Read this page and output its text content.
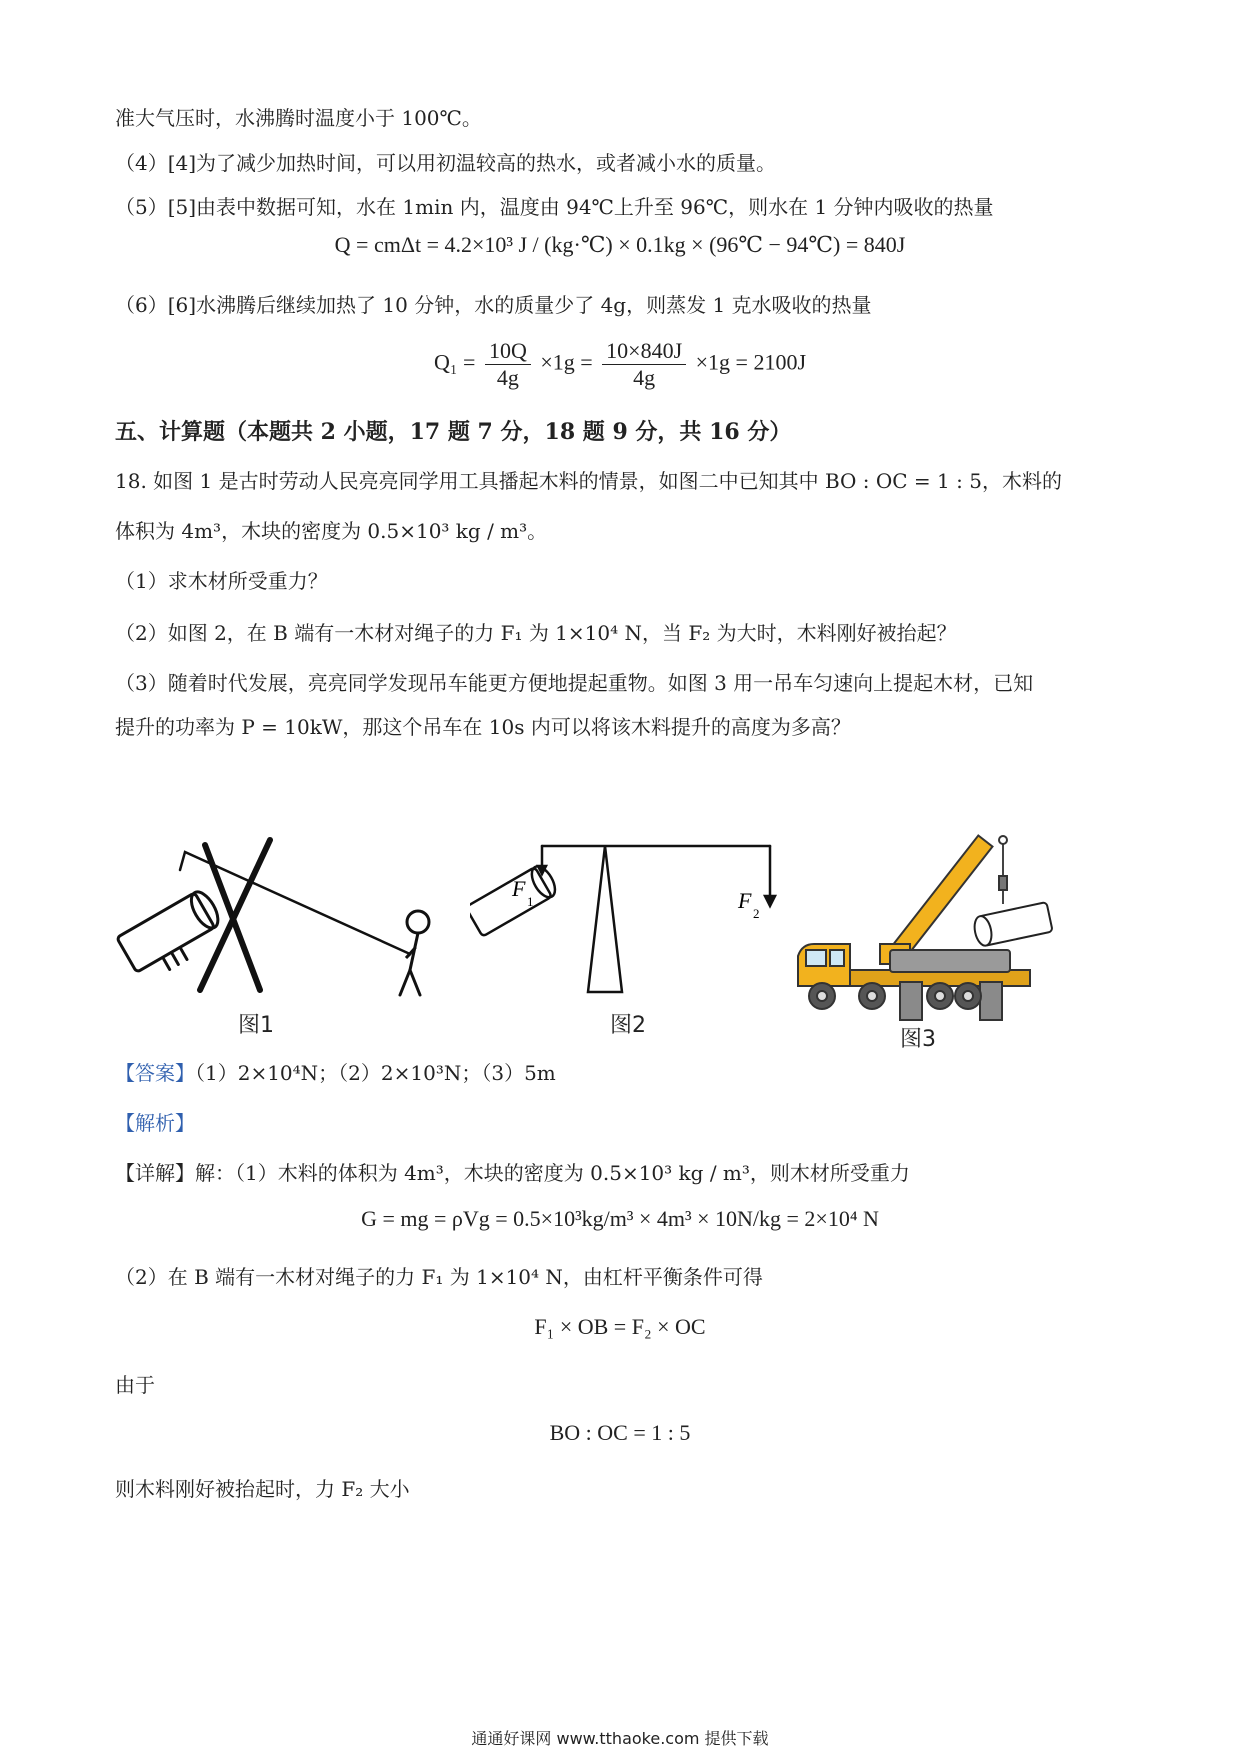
准大气压时，水沸腾时温度小于 100℃。
（4）[4]为了减少加热时间，可以用初温较高的热水，或者减小水的质量。
（5）[5]由表中数据可知，水在 1min 内，温度由 94℃上升至 96℃，则水在 1 分钟内吸收的热量
Q = cmΔt = 4.2×10³ J / (kg·℃) × 0.1kg × (96℃ − 94℃) = 840J
（6）[6]水沸腾后继续加热了 10 分钟，水的质量少了 4g，则蒸发 1 克水吸收的热量
$Q_1 = \frac{10Q}{4g} \times 1g = \frac{10\times 840J}{4g} \times 1g = 2100J$
五、计算题（本题共 2 小题，17 题 7 分，18 题 9 分，共 16 分）
18. 如图 1 是古时劳动人民亮亮同学用工具播起木料的情景，如图二中已知其中 BO : OC = 1 : 5，木料的
体积为 4m³，木块的密度为 0.5×10³ kg / m³。
（1）求木材所受重力？
（2）如图 2，在 B 端有一木材对绳子的力 F₁ 为 1×10⁴ N，当 F₂ 为大时，木料刚好被抬起？
（3）随着时代发展，亮亮同学发现吊车能更方便地提起重物。如图 3 用一吊车匀速向上提起木材，已知
提升的功率为 P = 10kW，那这个吊车在 10s 内可以将该木料提升的高度为多高？
图1
F
1	F
2
图2
图3
【答案】（1）2×10⁴N；（2）2×10³N；（3）5m
【解析】
【详解】解：（1）木料的体积为 4m³，木块的密度为 0.5×10³ kg / m³，则木材所受重力
G = mg = ρVg = 0.5×10³kg/m³ × 4m³ × 10N/kg = 2×10⁴ N
（2）在 B 端有一木材对绳子的力 F₁ 为 1×10⁴ N，由杠杆平衡条件可得
F₁ × OB = F₂ × OC
由于
BO : OC = 1 : 5
则木料刚好被抬起时，力 F₂ 大小
通通好课网 www.tthaoke.com 提供下载
